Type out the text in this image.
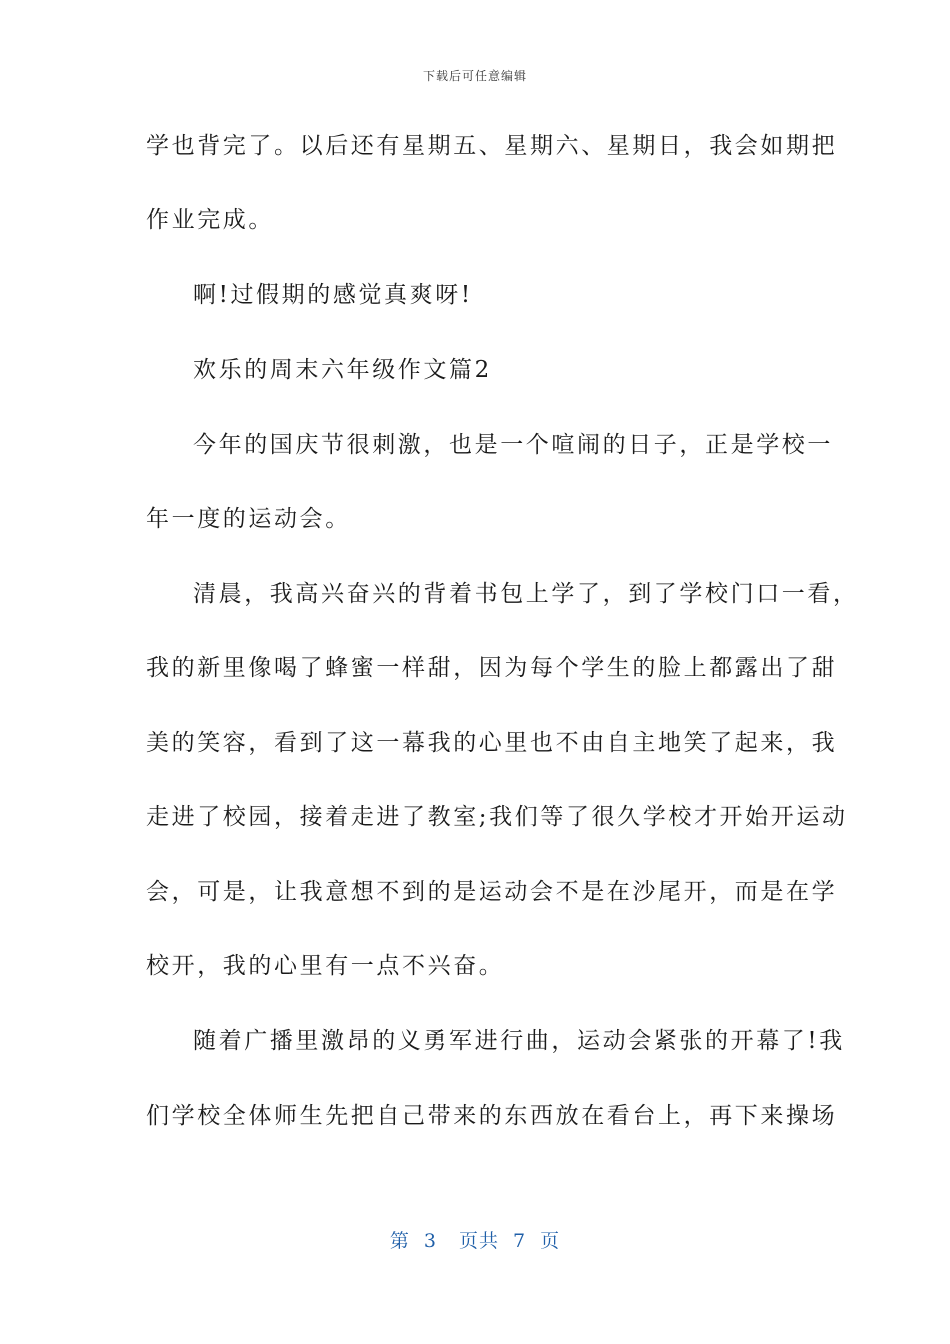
下载后可任意编辑
学也背完了。以后还有星期五、星期六、星期日，我会如期把
作业完成。
啊!过假期的感觉真爽呀!
欢乐的周末六年级作文篇2
今年的国庆节很刺激，也是一个喧闹的日子，正是学校一
年一度的运动会。
清晨，我高兴奋兴的背着书包上学了，到了学校门口一看，
我的新里像喝了蜂蜜一样甜，因为每个学生的脸上都露出了甜
美的笑容，看到了这一幕我的心里也不由自主地笑了起来，我
走进了校园，接着走进了教室;我们等了很久学校才开始开运动
会，可是，让我意想不到的是运动会不是在沙尾开，而是在学
校开，我的心里有一点不兴奋。
随着广播里激昂的义勇军进行曲，运动会紧张的开幕了!我
们学校全体师生先把自己带来的东西放在看台上，再下来操场
第 3 页共 7 页
